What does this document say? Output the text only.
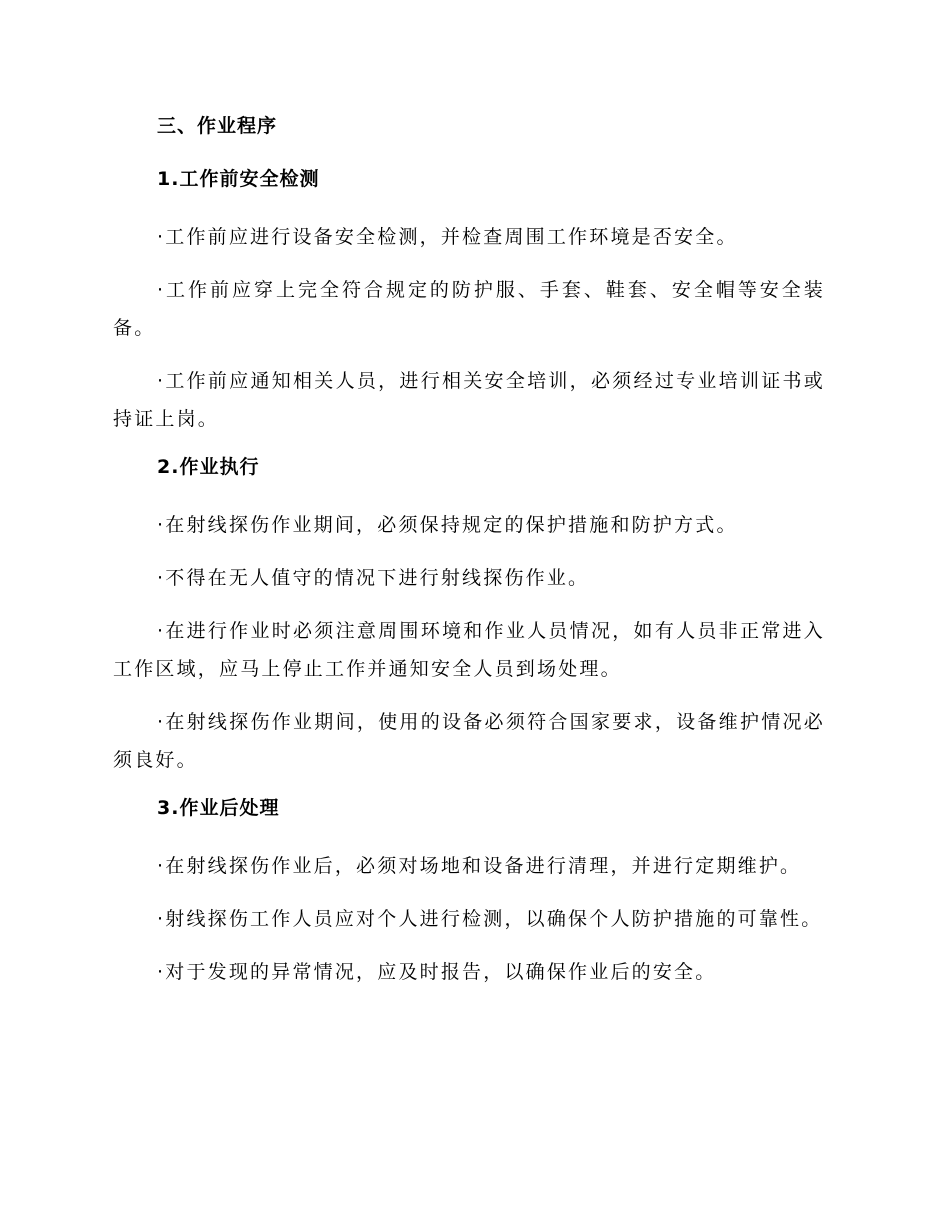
三、作业程序
1.工作前安全检测

·工作前应进行设备安全检测，并检查周围工作环境是否安全。

·工作前应穿上完全符合规定的防护服、手套、鞋套、安全帽等安全装备。

·工作前应通知相关人员，进行相关安全培训，必须经过专业培训证书或持证上岗。

2.作业执行

·在射线探伤作业期间，必须保持规定的保护措施和防护方式。

·不得在无人值守的情况下进行射线探伤作业。

·在进行作业时必须注意周围环境和作业人员情况，如有人员非正常进入工作区域，应马上停止工作并通知安全人员到场处理。

·在射线探伤作业期间，使用的设备必须符合国家要求，设备维护情况必须良好。

3.作业后处理

·在射线探伤作业后，必须对场地和设备进行清理，并进行定期维护。

·射线探伤工作人员应对个人进行检测，以确保个人防护措施的可靠性。

·对于发现的异常情况，应及时报告，以确保作业后的安全。
